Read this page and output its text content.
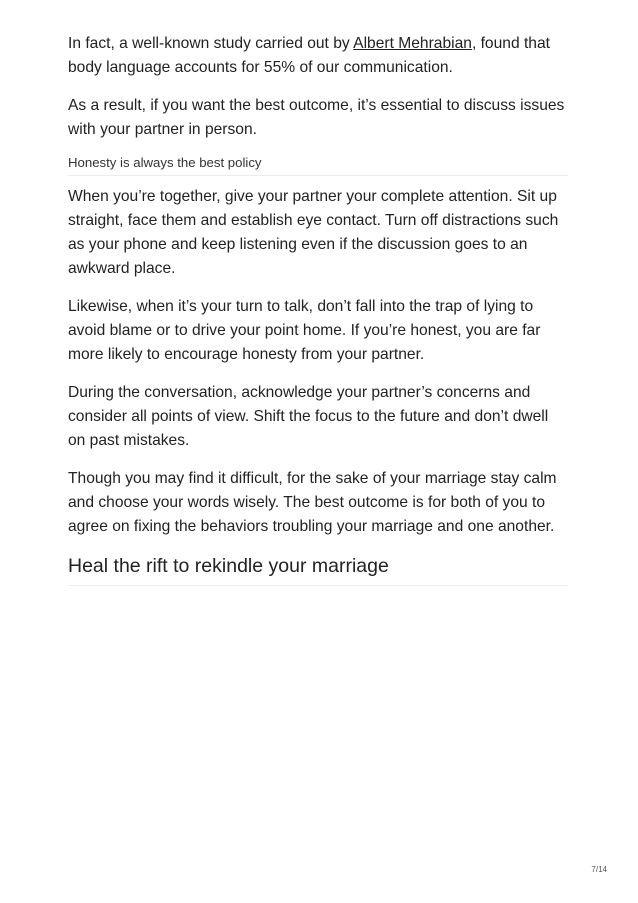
In fact, a well-known study carried out by Albert Mehrabian, found that body language accounts for 55% of our communication.

As a result, if you want the best outcome, it’s essential to discuss issues with your partner in person.

Honesty is always the best policy

When you’re together, give your partner your complete attention. Sit up straight, face them and establish eye contact. Turn off distractions such as your phone and keep listening even if the discussion goes to an awkward place.

Likewise, when it’s your turn to talk, don’t fall into the trap of lying to avoid blame or to drive your point home. If you’re honest, you are far more likely to encourage honesty from your partner.

During the conversation, acknowledge your partner’s concerns and consider all points of view. Shift the focus to the future and don’t dwell on past mistakes.

Though you may find it difficult, for the sake of your marriage stay calm and choose your words wisely. The best outcome is for both of you to agree on fixing the behaviors troubling your marriage and one another.

Heal the rift to rekindle your marriage
7/14
